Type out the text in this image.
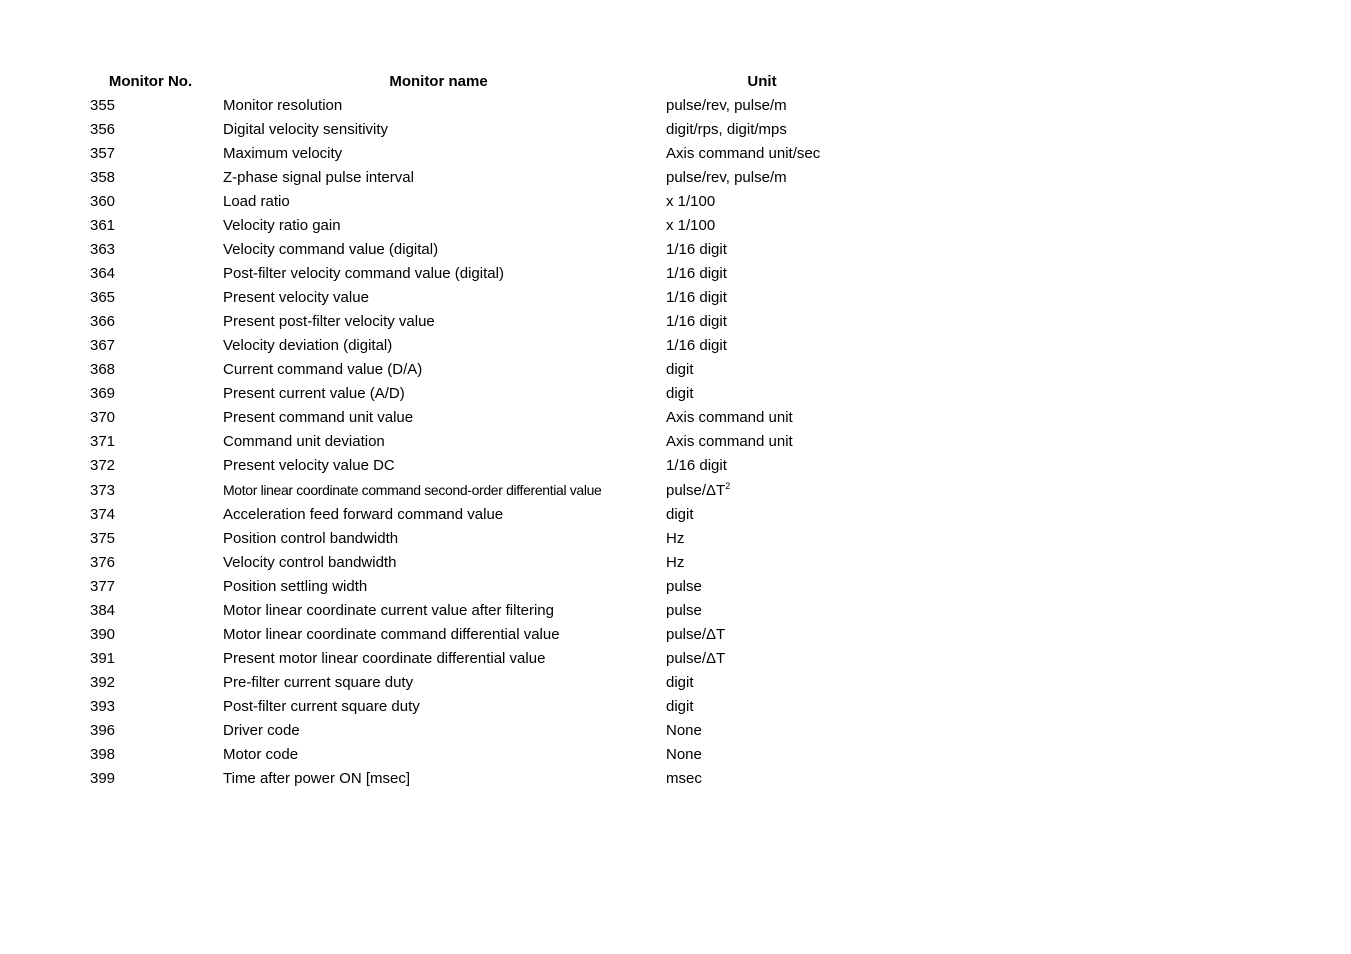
Monitor No.	Monitor name	Unit
355	Monitor resolution	pulse/rev, pulse/m
356	Digital velocity sensitivity	digit/rps, digit/mps
357	Maximum velocity	Axis command unit/sec
358	Z-phase signal pulse interval	pulse/rev, pulse/m
360	Load ratio	x 1/100
361	Velocity ratio gain	x 1/100
363	Velocity command value (digital)	1/16 digit
364	Post-filter velocity command value (digital)	1/16 digit
365	Present velocity value	1/16 digit
366	Present post-filter velocity value	1/16 digit
367	Velocity deviation (digital)	1/16 digit
368	Current command value (D/A)	digit
369	Present current value (A/D)	digit
370	Present command unit value	Axis command unit
371	Command unit deviation	Axis command unit
372	Present velocity value DC	1/16 digit
373	Motor linear coordinate command second-order differential value	pulse/$\Delta T^2$
374	Acceleration feed forward command value	digit
375	Position control bandwidth	Hz
376	Velocity control bandwidth	Hz
377	Position settling width	pulse
384	Motor linear coordinate current value after filtering	pulse
390	Motor linear coordinate command differential value	pulse/ΔT
391	Present motor linear coordinate differential value	pulse/ΔT
392	Pre-filter current square duty	digit
393	Post-filter current square duty	digit
396	Driver code	None
398	Motor code	None
399	Time after power ON [msec]	msec
